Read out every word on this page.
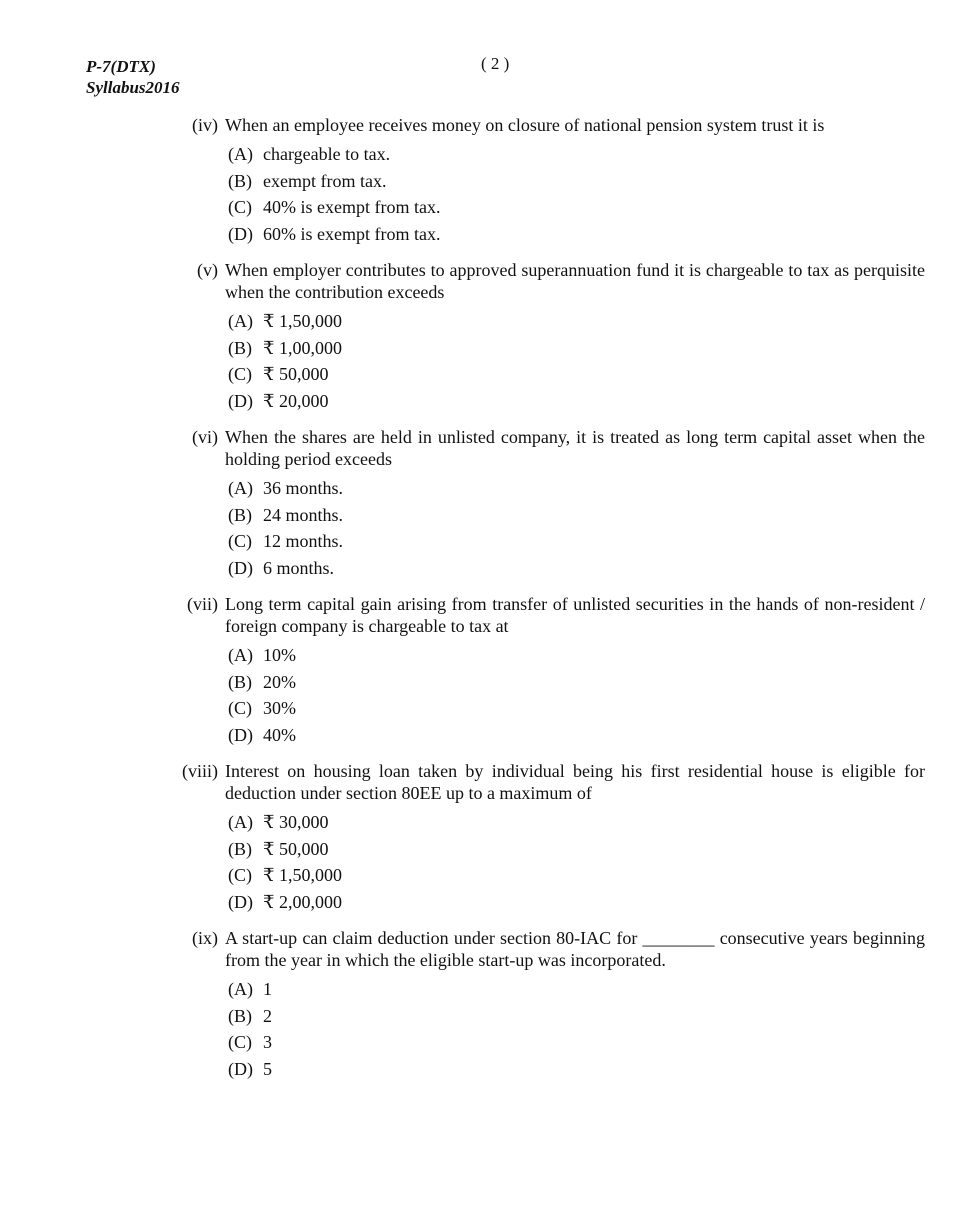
P-7(DTX)
Syllabus2016
( 2 )
(iv) When an employee receives money on closure of national pension system trust it is
(A) chargeable to tax.
(B) exempt from tax.
(C) 40% is exempt from tax.
(D) 60% is exempt from tax.
(v) When employer contributes to approved superannuation fund it is chargeable to tax as perquisite when the contribution exceeds
(A) ₹ 1,50,000
(B) ₹ 1,00,000
(C) ₹ 50,000
(D) ₹ 20,000
(vi) When the shares are held in unlisted company, it is treated as long term capital asset when the holding period exceeds
(A) 36 months.
(B) 24 months.
(C) 12 months.
(D) 6 months.
(vii) Long term capital gain arising from transfer of unlisted securities in the hands of non-resident / foreign company is chargeable to tax at
(A) 10%
(B) 20%
(C) 30%
(D) 40%
(viii) Interest on housing loan taken by individual being his first residential house is eligible for deduction under section 80EE up to a maximum of
(A) ₹ 30,000
(B) ₹ 50,000
(C) ₹ 1,50,000
(D) ₹ 2,00,000
(ix) A start-up can claim deduction under section 80-IAC for ________ consecutive years beginning from the year in which the eligible start-up was incorporated.
(A) 1
(B) 2
(C) 3
(D) 5
